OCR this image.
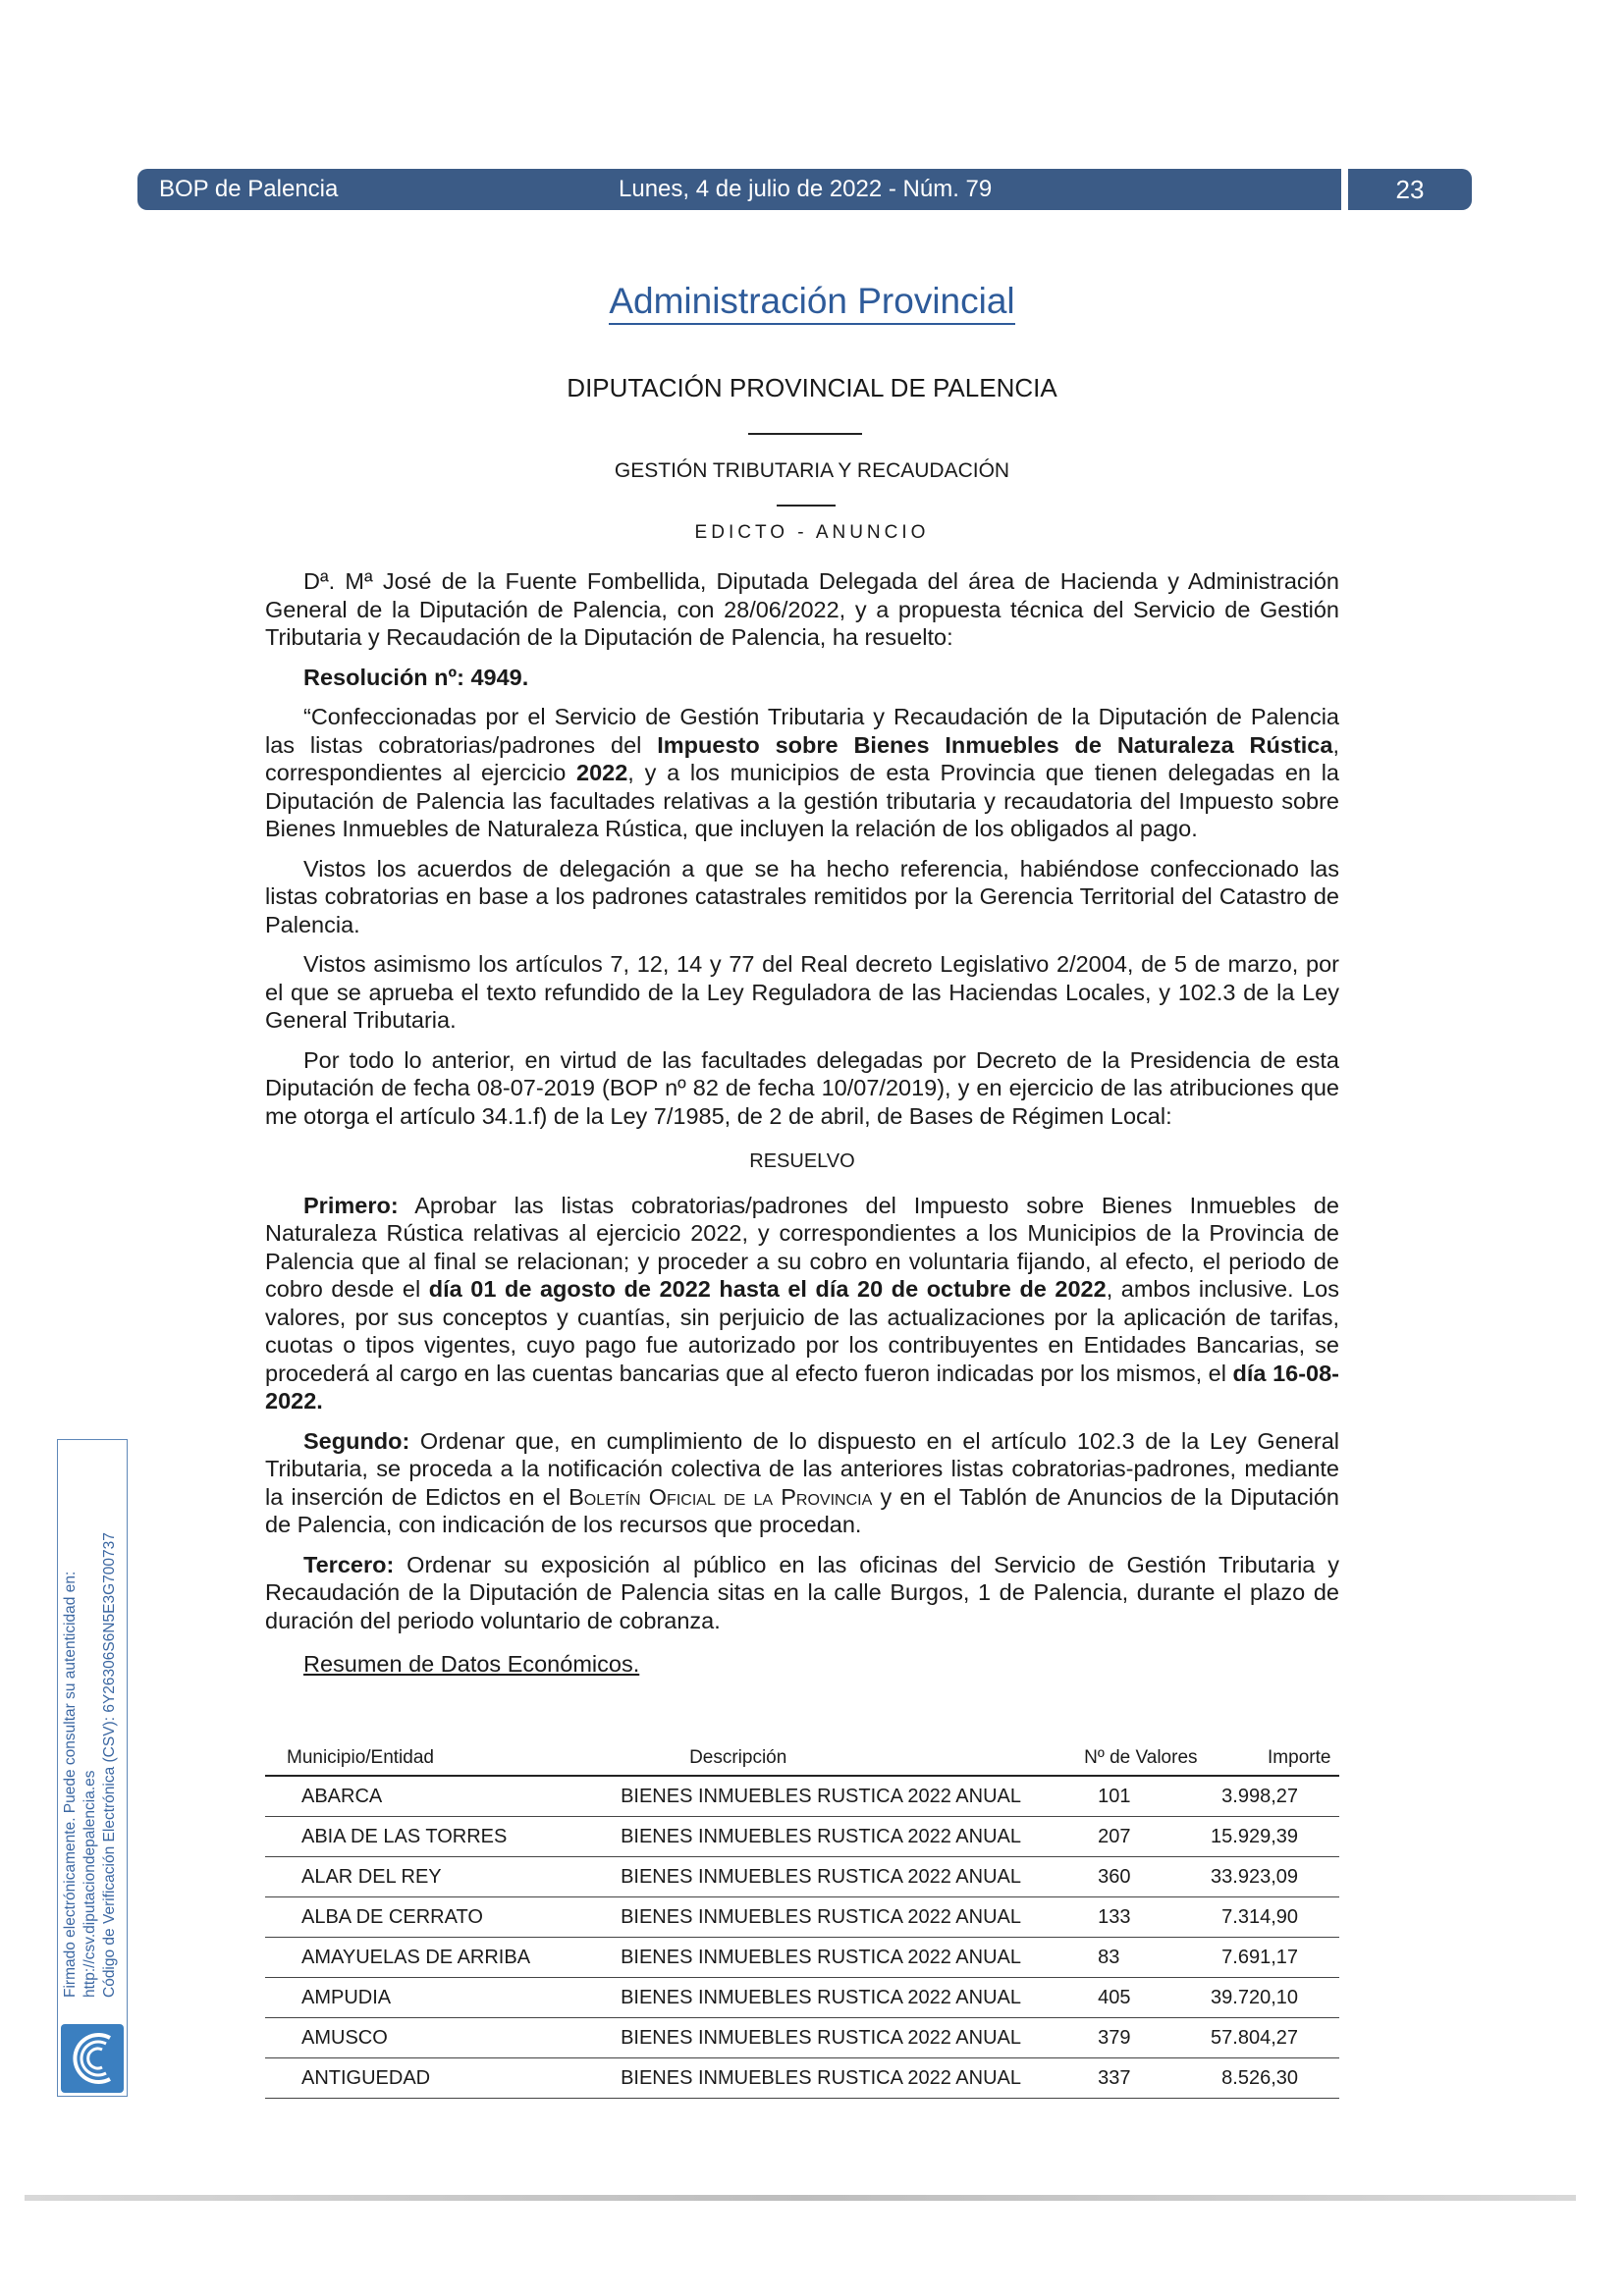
BOP de Palencia	Lunes, 4 de julio de 2022 - Núm. 79	23
Administración Provincial
DIPUTACIÓN PROVINCIAL DE PALENCIA
GESTIÓN TRIBUTARIA Y RECAUDACIÓN
EDICTO - ANUNCIO

Dª. Mª José de la Fuente Fombellida, Diputada Delegada del área de Hacienda y Administración General de la Diputación de Palencia, con 28/06/2022, y a propuesta técnica del Servicio de Gestión Tributaria y Recaudación de la Diputación de Palencia, ha resuelto:

Resolución nº: 4949.

“Confeccionadas por el Servicio de Gestión Tributaria y Recaudación de la Diputación de Palencia las listas cobratorias/padrones del Impuesto sobre Bienes Inmuebles de Naturaleza Rústica, correspondientes al ejercicio 2022, y a los municipios de esta Provincia que tienen delegadas en la Diputación de Palencia las facultades relativas a la gestión tributaria y recaudatoria del Impuesto sobre Bienes Inmuebles de Naturaleza Rústica, que incluyen la relación de los obligados al pago.

Vistos los acuerdos de delegación a que se ha hecho referencia, habiéndose confeccionado las listas cobratorias en base a los padrones catastrales remitidos por la Gerencia Territorial del Catastro de Palencia.

Vistos asimismo los artículos 7, 12, 14 y 77 del Real decreto Legislativo 2/2004, de 5 de marzo, por el que se aprueba el texto refundido de la Ley Reguladora de las Haciendas Locales, y 102.3 de la Ley General Tributaria.

Por todo lo anterior, en virtud de las facultades delegadas por Decreto de la Presidencia de esta Diputación de fecha 08-07-2019 (BOP nº 82 de fecha 10/07/2019), y en ejercicio de las atribuciones que me otorga el artículo 34.1.f) de la Ley 7/1985, de 2 de abril, de Bases de Régimen Local:

RESUELVO

Primero: Aprobar las listas cobratorias/padrones del Impuesto sobre Bienes Inmuebles de Naturaleza Rústica relativas al ejercicio 2022, y correspondientes a los Municipios de la Provincia de Palencia que al final se relacionan; y proceder a su cobro en voluntaria fijando, al efecto, el periodo de cobro desde el día 01 de agosto de 2022 hasta el día 20 de octubre de 2022, ambos inclusive. Los valores, por sus conceptos y cuantías, sin perjuicio de las actualizaciones por la aplicación de tarifas, cuotas o tipos vigentes, cuyo pago fue autorizado por los contribuyentes en Entidades Bancarias, se procederá al cargo en las cuentas bancarias que al efecto fueron indicadas por los mismos, el día 16-08-2022.

Segundo: Ordenar que, en cumplimiento de lo dispuesto en el artículo 102.3 de la Ley General Tributaria, se proceda a la notificación colectiva de las anteriores listas cobratorias-padrones, mediante la inserción de Edictos en el Boletín Oficial de la Provincia y en el Tablón de Anuncios de la Diputación de Palencia, con indicación de los recursos que procedan.

Tercero: Ordenar su exposición al público en las oficinas del Servicio de Gestión Tributaria y Recaudación de la Diputación de Palencia sitas en la calle Burgos, 1 de Palencia, durante el plazo de duración del periodo voluntario de cobranza.

Resumen de Datos Económicos.

Municipio/Entidad	Descripción	Nº de Valores	Importe
ABARCA	BIENES INMUEBLES RUSTICA 2022 ANUAL	101	3.998,27
ABIA DE LAS TORRES	BIENES INMUEBLES RUSTICA 2022 ANUAL	207	15.929,39
ALAR DEL REY	BIENES INMUEBLES RUSTICA 2022 ANUAL	360	33.923,09
ALBA DE CERRATO	BIENES INMUEBLES RUSTICA 2022 ANUAL	133	7.314,90
AMAYUELAS DE ARRIBA	BIENES INMUEBLES RUSTICA 2022 ANUAL	83	7.691,17
AMPUDIA	BIENES INMUEBLES RUSTICA 2022 ANUAL	405	39.720,10
AMUSCO	BIENES INMUEBLES RUSTICA 2022 ANUAL	379	57.804,27
ANTIGUEDAD	BIENES INMUEBLES RUSTICA 2022 ANUAL	337	8.526,30
Firmado electrónicamente. Puede consultar su autenticidad en: http://csv.diputaciondepalencia.es Código de Verificación Electrónica (CSV): 6Y26306S6N5E3G700737
